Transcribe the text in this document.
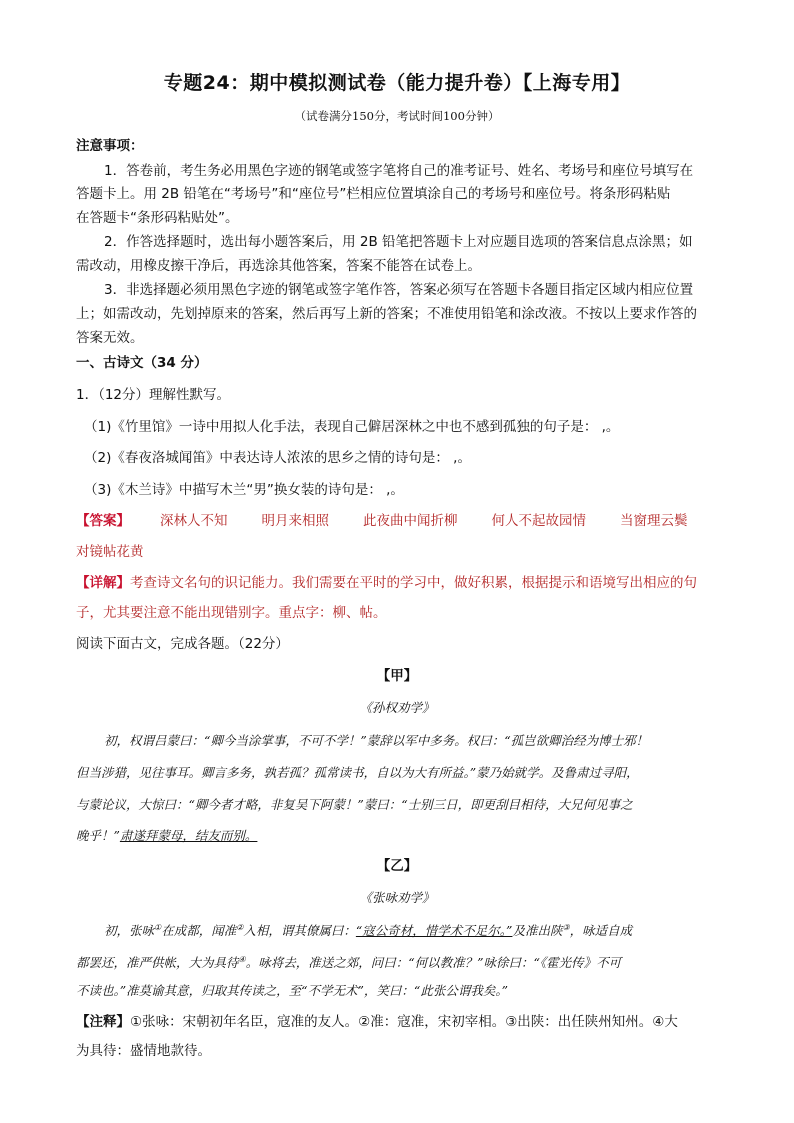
专题24：期中模拟测试卷（能力提升卷）【上海专用】
（试卷满分150分，考试时间100分钟）
注意事项：
1．答卷前，考生务必用黑色字迹的钢笔或签字笔将自己的准考证号、姓名、考场号和座位号填写在
答题卡上。用 2B 铅笔在“考场号”和“座位号”栏相应位置填涂自己的考场号和座位号。将条形码粘贴
在答题卡“条形码粘贴处”。
2．作答选择题时，选出每小题答案后，用 2B 铅笔把答题卡上对应题目选项的答案信息点涂黑；如
需改动，用橡皮擦干净后，再选涂其他答案，答案不能答在试卷上。
3．非选择题必须用黑色字迹的钢笔或签字笔作答，答案必须写在答题卡各题目指定区域内相应位置
上；如需改动，先划掉原来的答案，然后再写上新的答案；不准使用铅笔和涂改液。不按以上要求作答的
答案无效。
一、古诗文（34 分）
1．（12分）理解性默写。
（1)《竹里馆》一诗中用拟人化手法，表现自己僻居深林之中也不感到孤独的句子是： ,。
（2)《春夜洛城闻笛》中表达诗人浓浓的思乡之情的诗句是： ,。
（3)《木兰诗》中描写木兰“男”换女装的诗句是： ,。
【答案】 深林人不知	明月来相照	此夜曲中闻折柳	何人不起故园情	当窗理云鬓
对镜帖花黄
【详解】考查诗文名句的识记能力。我们需要在平时的学习中，做好积累，根据提示和语境写出相应的句
子，尤其要注意不能出现错别字。重点字：柳、帖。
阅读下面古文，完成各题。（22分）
【甲】
《孙权劝学》
初，权谓吕蒙曰：“卿今当涂掌事，不可不学！”蒙辞以军中多务。权曰：“孤岂欲卿治经为博士邪！
但当涉猎，见往事耳。卿言多务，孰若孤？孤常读书，自以为大有所益。”蒙乃始就学。及鲁肃过寻阳，
与蒙论议，大惊曰：“卿今者才略，非复吴下阿蒙！”蒙曰：“士别三日，即更刮目相待，大兄何见事之
晚乎！”肃遂拜蒙母，结友而别。
【乙】
《张咏劝学》
初，张咏①在成都，闻准②入相，谓其僚属曰：“寇公奇材，惜学术不足尔。”及准出陕③，咏适自成
都罢还，准严供帐，大为具待④。咏将去，准送之郊，问曰：“何以教准？”咏徐曰：“《霍光传》不可
不读也。”准莫谕其意，归取其传读之，至“不学无术”，笑曰：“此张公谓我矣。”
【注释】①张咏：宋朝初年名臣，寇准的友人。②准：寇准，宋初宰相。③出陕：出任陕州知州。④大
为具待：盛情地款待。
